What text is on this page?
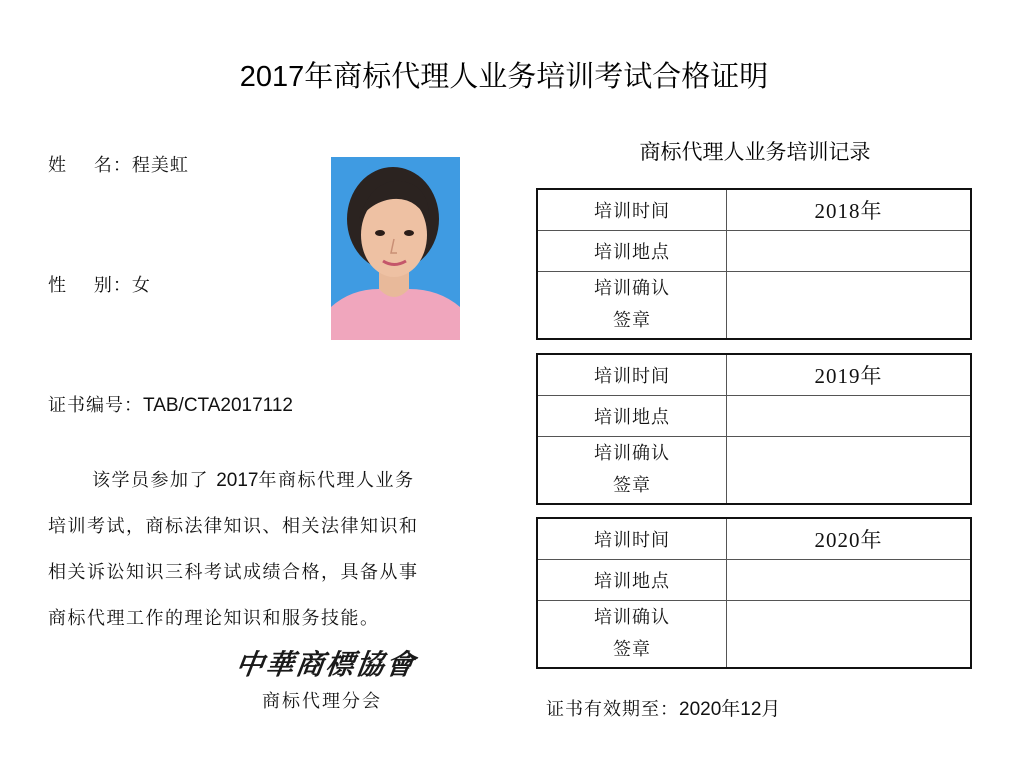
2017年商标代理人业务培训考试合格证明
姓    名：程美虹
性    别：女
证书编号：TAB/CTA2017112
该学员参加了 2017年商标代理人业务
培训考试，商标法律知识、相关法律知识和
相关诉讼知识三科考试成绩合格，具备从事
商标代理工作的理论知识和服务技能。
中華商標協會
商标代理分会
商标代理人业务培训记录
培训时间	2018年
培训地点	
培训确认
签章	
培训时间	2019年
培训地点	
培训确认
签章	
培训时间	2020年
培训地点	
培训确认
签章	
证书有效期至：2020年12月
